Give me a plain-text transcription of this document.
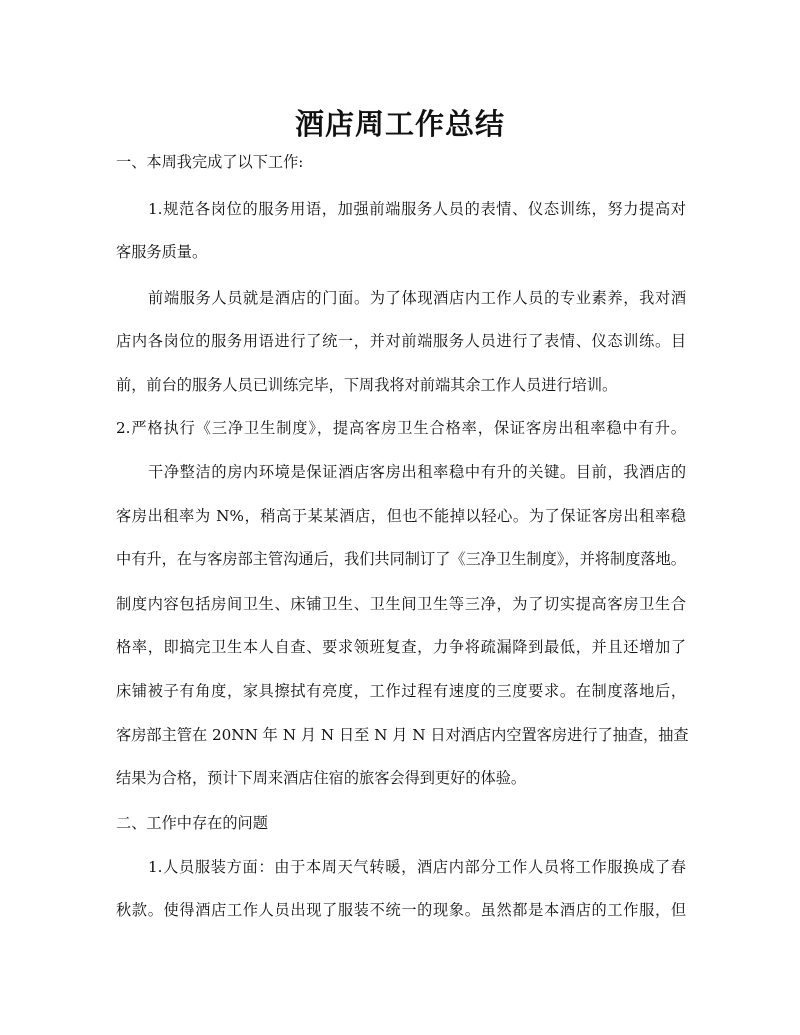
酒店周工作总结

一、本周我完成了以下工作:

1.规范各岗位的服务用语，加强前端服务人员的表情、仪态训练，努力提高对

客服务质量。

前端服务人员就是酒店的门面。为了体现酒店内工作人员的专业素养，我对酒

店内各岗位的服务用语进行了统一，并对前端服务人员进行了表情、仪态训练。目

前，前台的服务人员已训练完毕，下周我将对前端其余工作人员进行培训。

2.严格执行《三净卫生制度》，提高客房卫生合格率，保证客房出租率稳中有升。

干净整洁的房内环境是保证酒店客房出租率稳中有升的关键。目前，我酒店的

客房出租率为 N%，稍高于某某酒店，但也不能掉以轻心。为了保证客房出租率稳

中有升，在与客房部主管沟通后，我们共同制订了《三净卫生制度》，并将制度落地。

制度内容包括房间卫生、床铺卫生、卫生间卫生等三净，为了切实提高客房卫生合

格率，即搞完卫生本人自查、要求领班复查，力争将疏漏降到最低，并且还增加了

床铺被子有角度，家具擦拭有亮度，工作过程有速度的三度要求。在制度落地后，

客房部主管在 20NN 年 N 月 N 日至 N 月 N 日对酒店内空置客房进行了抽查，抽查

结果为合格，预计下周来酒店住宿的旅客会得到更好的体验。

二、工作中存在的问题

1.人员服装方面：由于本周天气转暖，酒店内部分工作人员将工作服换成了春

秋款。使得酒店工作人员出现了服装不统一的现象。虽然都是本酒店的工作服，但
